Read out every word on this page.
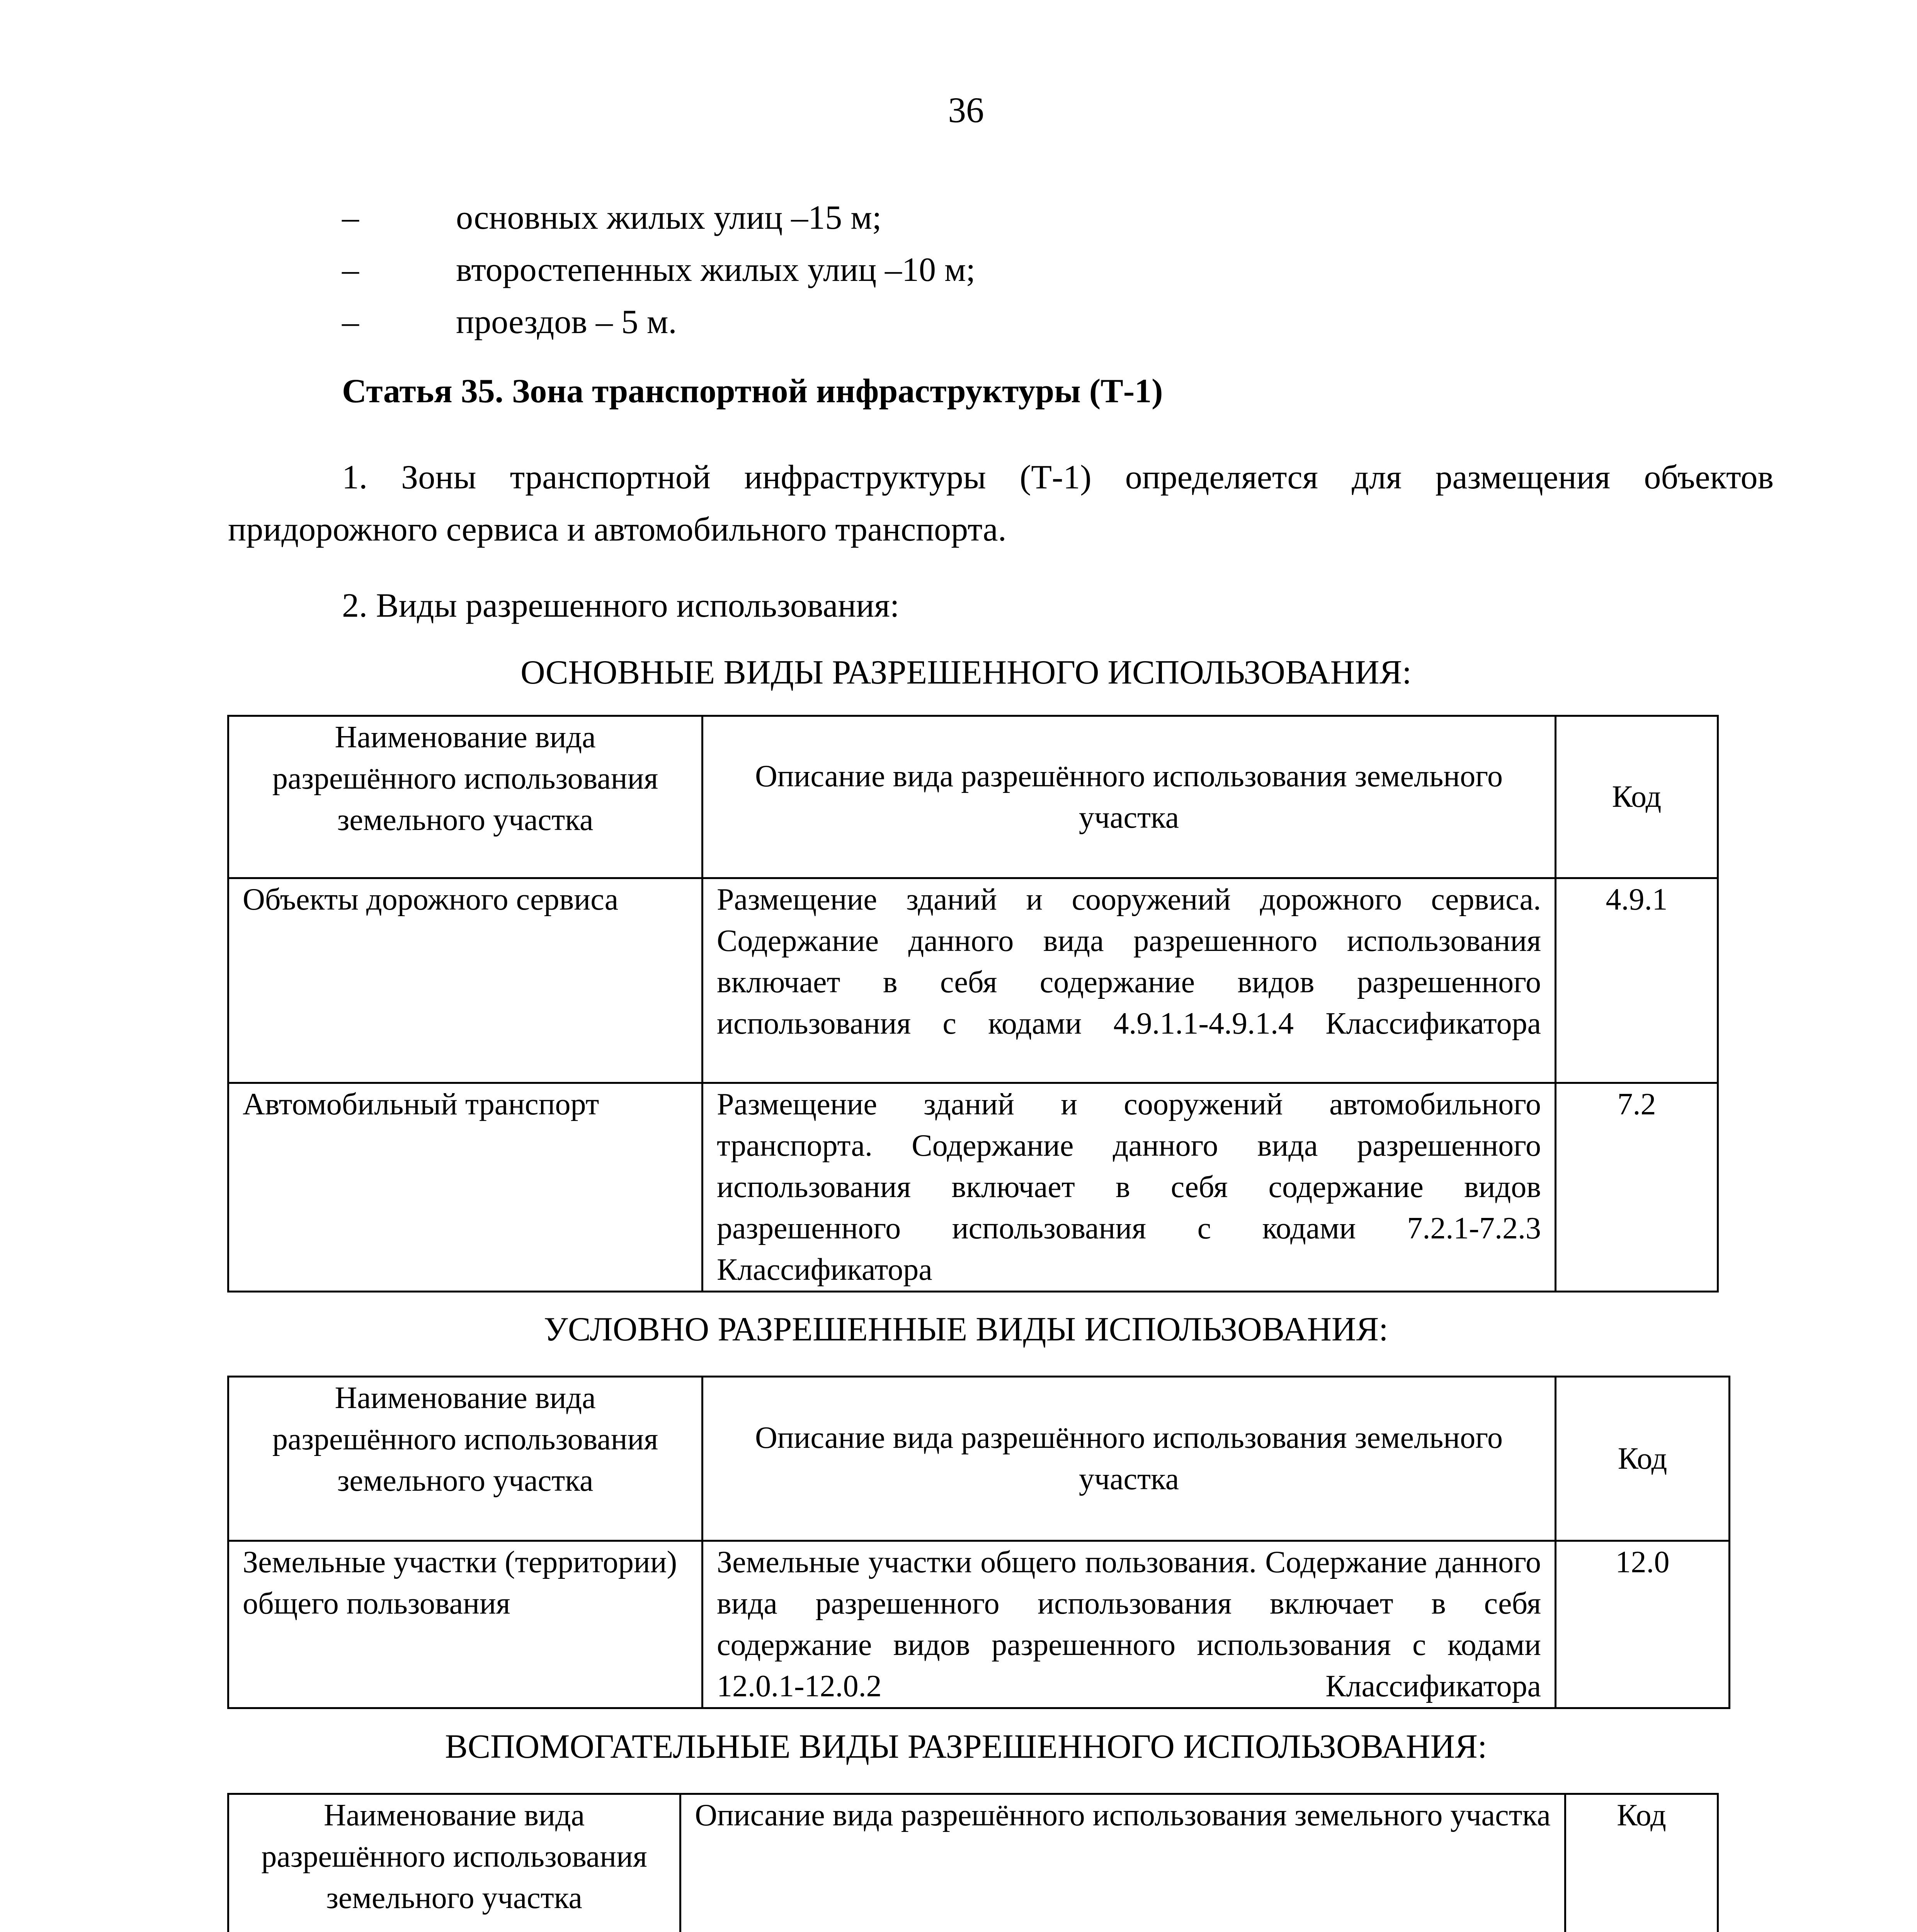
36
–	основных жилых улиц –15 м;
–	второстепенных жилых улиц –10 м;
–	проездов – 5 м.
Статья 35. Зона транспортной инфраструктуры (Т-1)
1. Зоны транспортной инфраструктуры (Т-1) определяется для размещения объектов придорожного сервиса и автомобильного транспорта.
2. Виды разрешенного использования:
ОСНОВНЫЕ ВИДЫ РАЗРЕШЕННОГО ИСПОЛЬЗОВАНИЯ:
Наименование вида разрешённого использования земельного участка	Описание вида разрешённого использования земельного участка	Код
Объекты дорожного сервиса	Размещение зданий и сооружений дорожного сервиса. Содержание данного вида разрешенного использования включает в себя содержание видов разрешенного использования с кодами 4.9.1.1-4.9.1.4 Классификатора	4.9.1
Автомобильный транспорт	Размещение зданий и сооружений автомобильного транспорта. Содержание данного вида разрешенного использования включает в себя содержание видов разрешенного использования с кодами 7.2.1-7.2.3 Классификатора	7.2
УСЛОВНО РАЗРЕШЕННЫЕ ВИДЫ ИСПОЛЬЗОВАНИЯ:
Наименование вида разрешённого использования земельного участка	Описание вида разрешённого использования земельного участка	Код
Земельные участки (территории) общего пользования	Земельные участки общего пользования. Содержание данного вида разрешенного использования включает в себя содержание видов разрешенного использования с кодами 12.0.1-12.0.2 Классификатора	12.0
ВСПОМОГАТЕЛЬНЫЕ ВИДЫ РАЗРЕШЕННОГО ИСПОЛЬЗОВАНИЯ:
Наименование вида разрешённого использования земельного участка	Описание вида разрешённого использования земельного участка	Код
